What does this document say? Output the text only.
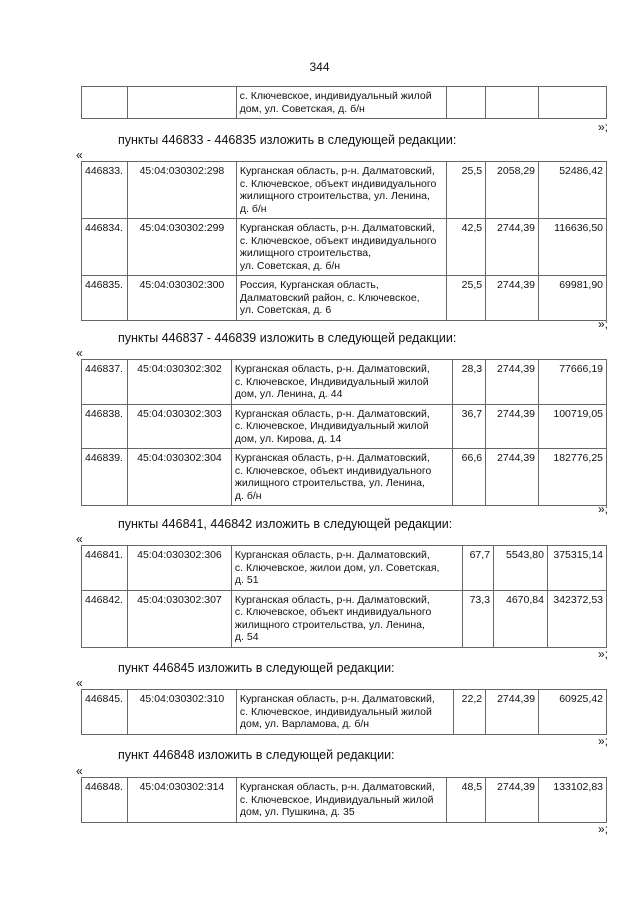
344

с. Ключевское, индивидуальный жилой
дом, ул. Советская, д. б/н

»;
пункты 446833 - 446835 изложить в следующей редакции:
«
446833.	45:04:030302:298	Курганская область, р-н. Далматовский,
с. Ключевское, объект индивидуального
жилищного строительства, ул. Ленина,
д. б/н	25,5	2058,29	52486,42
446834.	45:04:030302:299	Курганская область, р-н. Далматовский,
с. Ключевское, объект индивидуального
жилищного строительства,
ул. Советская, д. б/н	42,5	2744,39	116636,50
446835.	45:04:030302:300	Россия, Курганская область,
Далматовский район, с. Ключевское,
ул. Советская, д. 6	25,5	2744,39	69981,90
»;
пункты 446837 - 446839 изложить в следующей редакции:
«
446837.	45:04:030302:302	Курганская область, р-н. Далматовский,
с. Ключевское, Индивидуальный жилой
дом, ул. Ленина, д. 44	28,3	2744,39	77666,19
446838.	45:04:030302:303	Курганская область, р-н. Далматовский,
с. Ключевское, Индивидуальный жилой
дом, ул. Кирова, д. 14	36,7	2744,39	100719,05
446839.	45:04:030302:304	Курганская область, р-н. Далматовский,
с. Ключевское, объект индивидуального
жилищного строительства, ул. Ленина,
д. б/н	66,6	2744,39	182776,25
»;
пункты 446841, 446842 изложить в следующей редакции:
«
446841.	45:04:030302:306	Курганская область, р-н. Далматовский,
с. Ключевское, жилои дом, ул. Советская,
д. 51	67,7	5543,80	375315,14
446842.	45:04:030302:307	Курганская область, р-н. Далматовский,
с. Ключевское, объект индивидуального
жилищного строительства, ул. Ленина,
д. 54	73,3	4670,84	342372,53
»;
пункт 446845 изложить в следующей редакции:
«
446845.	45:04:030302:310	Курганская область, р-н. Далматовский,
с. Ключевское, индивидуальный жилой
дом, ул. Варламова, д. б/н
	22,2	2744,39	60925,42
»;
пункт 446848 изложить в следующей редакции:
«
446848.	45:04:030302:314	Курганская область, р-н. Далматовский,
с. Ключевское, Индивидуальный жилой
дом, ул. Пушкина, д. 35
	48,5	2744,39	133102,83
»;
